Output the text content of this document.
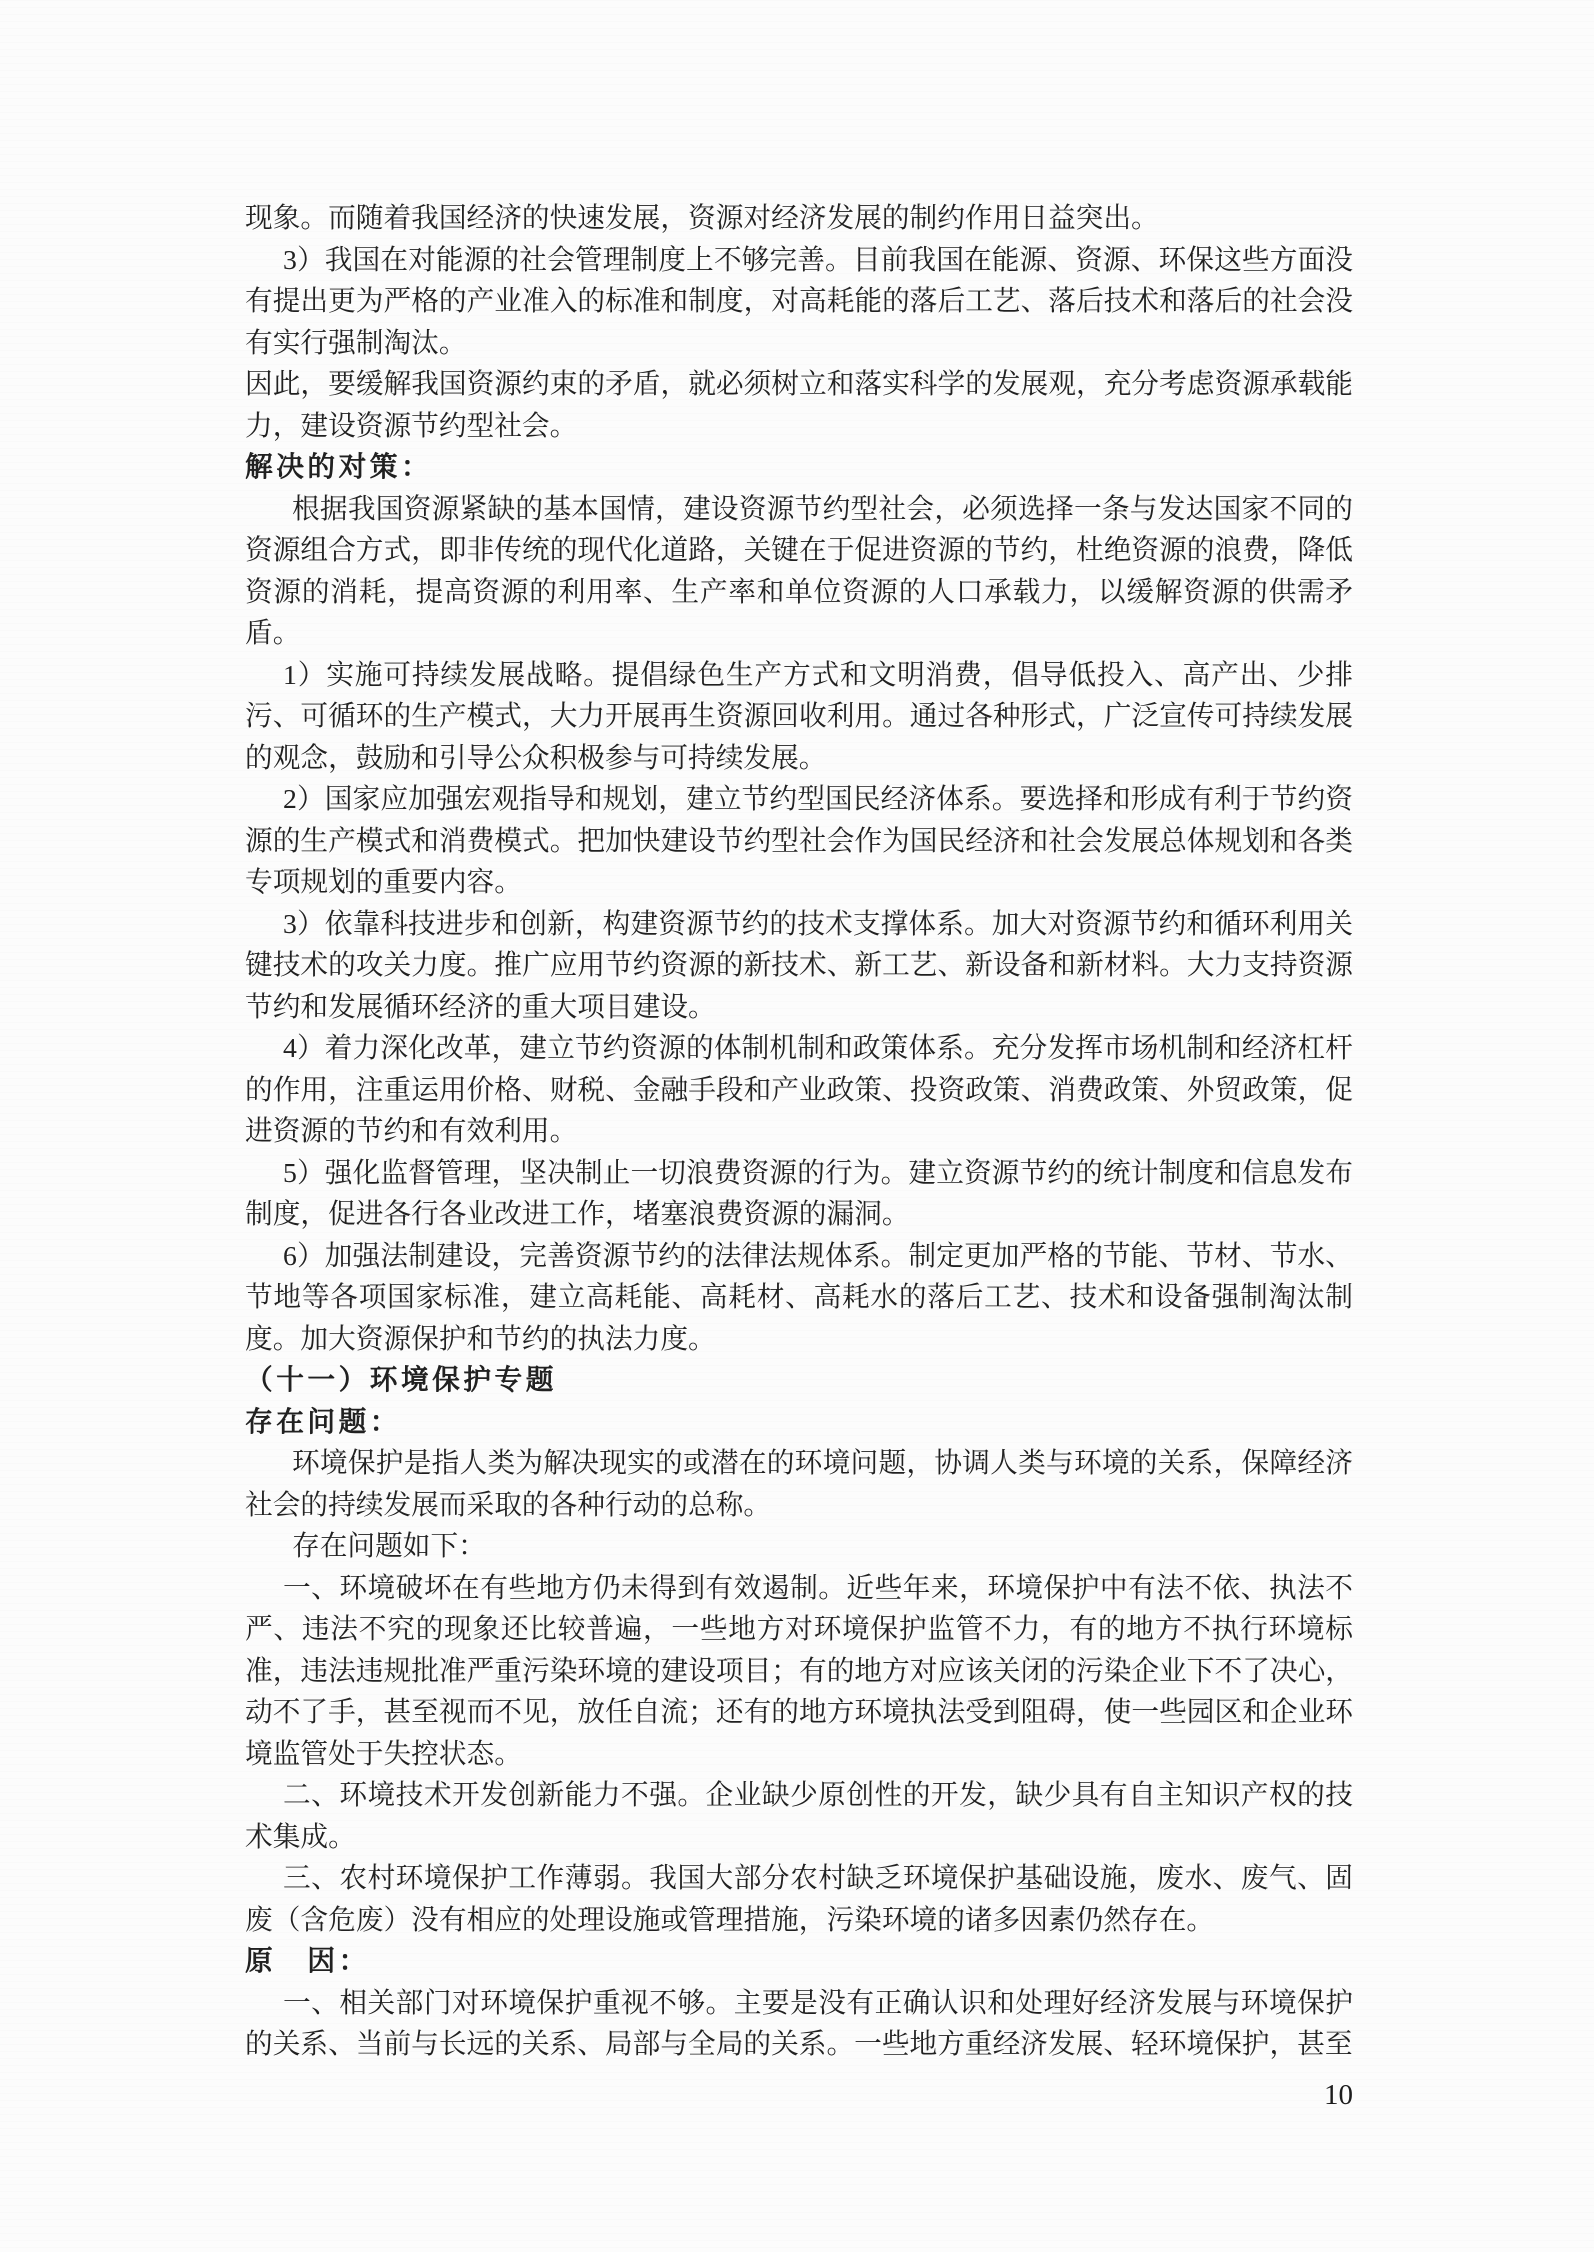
现象。而随着我国经济的快速发展，资源对经济发展的制约作用日益突出。

3）我国在对能源的社会管理制度上不够完善。目前我国在能源、资源、环保这些方面没有提出更为严格的产业准入的标准和制度，对高耗能的落后工艺、落后技术和落后的社会没有实行强制淘汰。

因此，要缓解我国资源约束的矛盾，就必须树立和落实科学的发展观，充分考虑资源承载能力，建设资源节约型社会。

解决的对策：

根据我国资源紧缺的基本国情，建设资源节约型社会，必须选择一条与发达国家不同的资源组合方式，即非传统的现代化道路，关键在于促进资源的节约，杜绝资源的浪费，降低资源的消耗，提高资源的利用率、生产率和单位资源的人口承载力，以缓解资源的供需矛盾。

1）实施可持续发展战略。提倡绿色生产方式和文明消费，倡导低投入、高产出、少排污、可循环的生产模式，大力开展再生资源回收利用。通过各种形式，广泛宣传可持续发展的观念，鼓励和引导公众积极参与可持续发展。

2）国家应加强宏观指导和规划，建立节约型国民经济体系。要选择和形成有利于节约资源的生产模式和消费模式。把加快建设节约型社会作为国民经济和社会发展总体规划和各类专项规划的重要内容。

3）依靠科技进步和创新，构建资源节约的技术支撑体系。加大对资源节约和循环利用关键技术的攻关力度。推广应用节约资源的新技术、新工艺、新设备和新材料。大力支持资源节约和发展循环经济的重大项目建设。

4）着力深化改革，建立节约资源的体制机制和政策体系。充分发挥市场机制和经济杠杆的作用，注重运用价格、财税、金融手段和产业政策、投资政策、消费政策、外贸政策，促进资源的节约和有效利用。

5）强化监督管理，坚决制止一切浪费资源的行为。建立资源节约的统计制度和信息发布制度，促进各行各业改进工作，堵塞浪费资源的漏洞。

6）加强法制建设，完善资源节约的法律法规体系。制定更加严格的节能、节材、节水、节地等各项国家标准，建立高耗能、高耗材、高耗水的落后工艺、技术和设备强制淘汰制度。加大资源保护和节约的执法力度。

（十一）环境保护专题

存在问题：

环境保护是指人类为解决现实的或潜在的环境问题，协调人类与环境的关系，保障经济社会的持续发展而采取的各种行动的总称。

存在问题如下：

一、环境破坏在有些地方仍未得到有效遏制。近些年来，环境保护中有法不依、执法不严、违法不究的现象还比较普遍，一些地方对环境保护监管不力，有的地方不执行环境标准，违法违规批准严重污染环境的建设项目；有的地方对应该关闭的污染企业下不了决心，动不了手，甚至视而不见，放任自流；还有的地方环境执法受到阻碍，使一些园区和企业环境监管处于失控状态。

二、环境技术开发创新能力不强。企业缺少原创性的开发，缺少具有自主知识产权的技术集成。

三、农村环境保护工作薄弱。我国大部分农村缺乏环境保护基础设施，废水、废气、固废（含危废）没有相应的处理设施或管理措施，污染环境的诸多因素仍然存在。

原　因：

一、相关部门对环境保护重视不够。主要是没有正确认识和处理好经济发展与环境保护的关系、当前与长远的关系、局部与全局的关系。一些地方重经济发展、轻环境保护，甚至

10
